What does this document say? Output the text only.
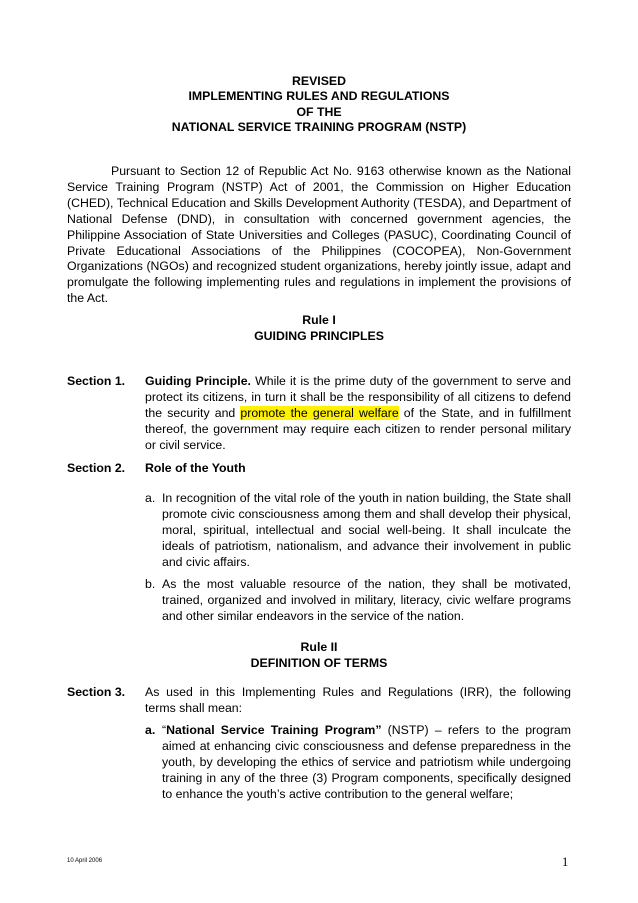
REVISED
IMPLEMENTING RULES AND REGULATIONS
OF THE
NATIONAL SERVICE TRAINING PROGRAM (NSTP)

Pursuant to Section 12 of Republic Act No. 9163 otherwise known as the National Service Training Program (NSTP) Act of 2001, the Commission on Higher Education (CHED), Technical Education and Skills Development Authority (TESDA), and Department of National Defense (DND), in consultation with concerned government agencies, the Philippine Association of State Universities and Colleges (PASUC), Coordinating Council of Private Educational Associations of the Philippines (COCOPEA), Non-Government Organizations (NGOs) and recognized student organizations, hereby jointly issue, adapt and promulgate the following implementing rules and regulations in implement the provisions of the Act.

Rule I
GUIDING PRINCIPLES
Section 1. Guiding Principle. While it is the prime duty of the government to serve and protect its citizens, in turn it shall be the responsibility of all citizens to defend the security and promote the general welfare of the State, and in fulfillment thereof, the government may require each citizen to render personal military or civil service.

Section 2. Role of the Youth
a. In recognition of the vital role of the youth in nation building, the State shall promote civic consciousness among them and shall develop their physical, moral, spiritual, intellectual and social well-being. It shall inculcate the ideals of patriotism, nationalism, and advance their involvement in public and civic affairs.
b. As the most valuable resource of the nation, they shall be motivated, trained, organized and involved in military, literacy, civic welfare programs and other similar endeavors in the service of the nation.
Rule II
DEFINITION OF TERMS
Section 3. As used in this Implementing Rules and Regulations (IRR), the following terms shall mean:

a. “National Service Training Program” (NSTP) – refers to the program aimed at enhancing civic consciousness and defense preparedness in the youth, by developing the ethics of service and patriotism while undergoing training in any of the three (3) Program components, specifically designed to enhance the youth’s active contribution to the general welfare;
10 April 2006	1
